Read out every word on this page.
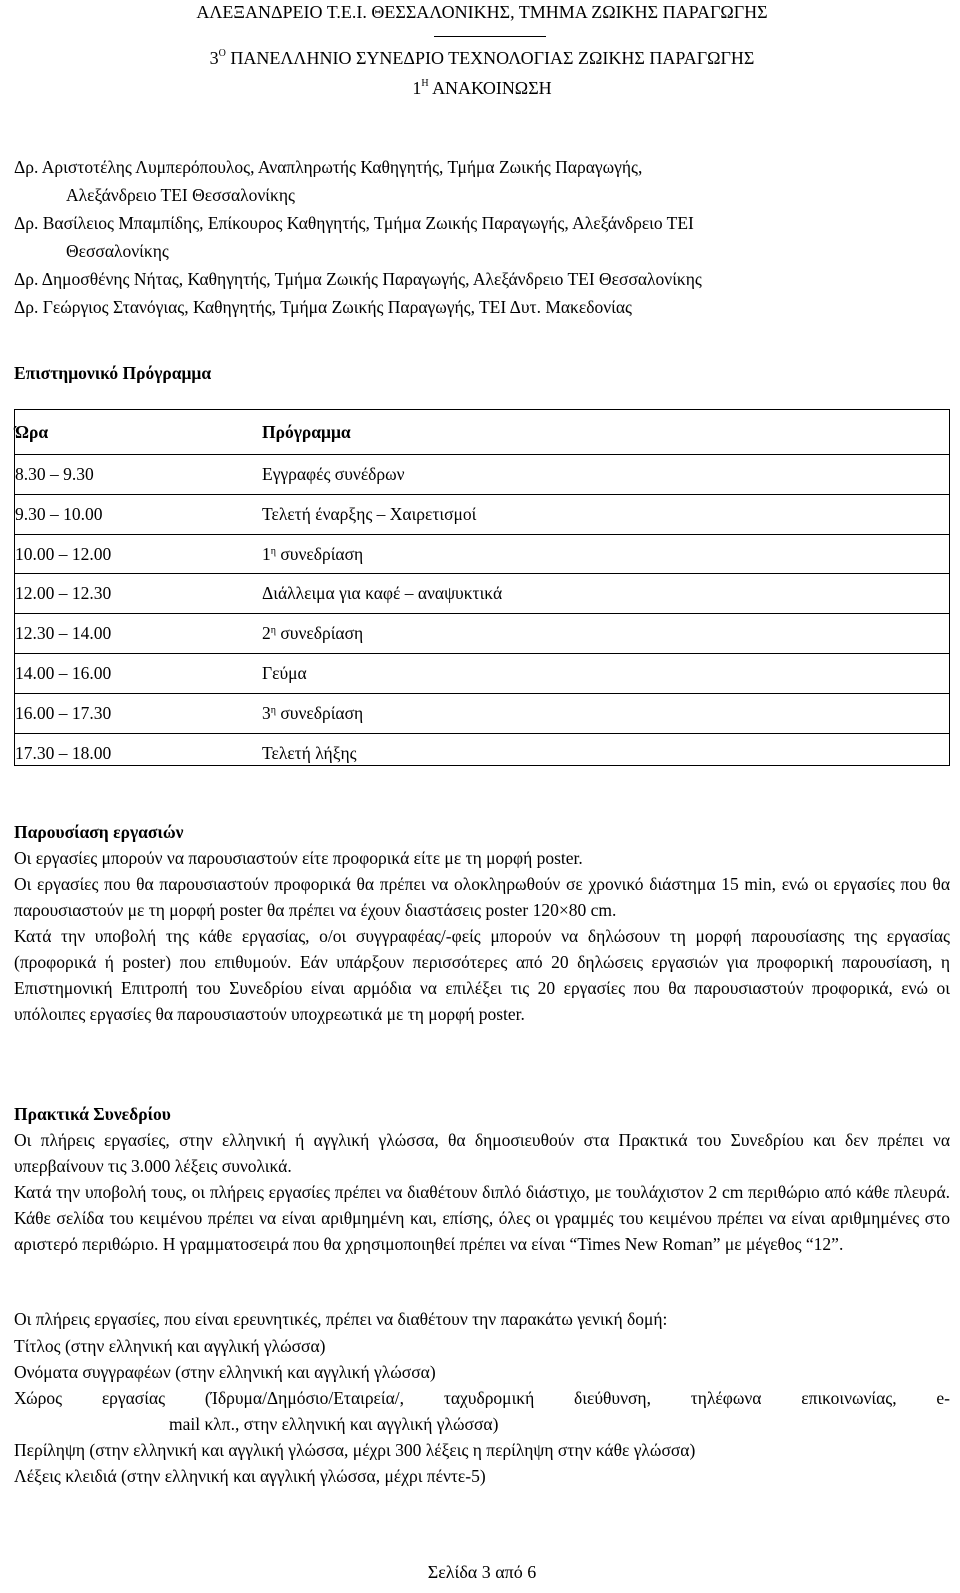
ΑΛΕΞΑΝΔΡΕΙΟ Τ.Ε.Ι. ΘΕΣΣΑΛΟΝΙΚΗΣ, ΤΜΗΜΑ ΖΩΙΚΗΣ ΠΑΡΑΓΩΓΗΣ
$3^O$ ΠΑΝΕΛΛΗΝΙΟ ΣΥΝΕΔΡΙΟ ΤΕΧΝΟΛΟΓΙΑΣ ΖΩΙΚΗΣ ΠΑΡΑΓΩΓΗΣ
$1^H$ ΑΝΑΚΟΙΝΩΣΗ
Δρ. Αριστοτέλης Λυμπερόπουλος, Αναπληρωτής Καθηγητής, Τμήμα Ζωικής Παραγωγής,
Αλεξάνδρειο ΤΕΙ Θεσσαλονίκης
Δρ. Βασίλειος Μπαμπίδης, Επίκουρος Καθηγητής, Τμήμα Ζωικής Παραγωγής, Αλεξάνδρειο ΤΕΙ
Θεσσαλονίκης
Δρ. Δημοσθένης Νήτας, Καθηγητής, Τμήμα Ζωικής Παραγωγής, Αλεξάνδρειο ΤΕΙ Θεσσαλονίκης
Δρ. Γεώργιος Στανόγιας, Καθηγητής, Τμήμα Ζωικής Παραγωγής, ΤΕΙ Δυτ. Μακεδονίας
Επιστημονικό Πρόγραμμα
Ώρα	Πρόγραμμα
8.30 – 9.30	Εγγραφές συνέδρων
9.30 – 10.00	Τελετή έναρξης – Χαιρετισμοί
10.00 – 12.00	$1^\eta$ συνεδρίαση
12.00 – 12.30	Διάλλειμα για καφέ – αναψυκτικά
12.30 – 14.00	$2^\eta$ συνεδρίαση
14.00 – 16.00	Γεύμα
16.00 – 17.30	$3^\eta$ συνεδρίαση
17.30 – 18.00	Τελετή λήξης
Παρουσίαση εργασιών
Οι εργασίες μπορούν να παρουσιαστούν είτε προφορικά είτε με τη μορφή poster.
Οι εργασίες που θα παρουσιαστούν προφορικά θα πρέπει να ολοκληρωθούν σε χρονικό διάστημα 15 min, ενώ οι εργασίες που θα παρουσιαστούν με τη μορφή poster θα πρέπει να έχουν διαστάσεις poster 120×80 cm.
Κατά την υποβολή της κάθε εργασίας, ο/οι συγγραφέας/-φείς μπορούν να δηλώσουν τη μορφή παρουσίασης της εργασίας (προφορικά ή poster) που επιθυμούν. Εάν υπάρξουν περισσότερες από 20 δηλώσεις εργασιών για προφορική παρουσίαση, η Επιστημονική Επιτροπή του Συνεδρίου είναι αρμόδια να επιλέξει τις 20 εργασίες που θα παρουσιαστούν προφορικά, ενώ οι υπόλοιπες εργασίες θα παρουσιαστούν υποχρεωτικά με τη μορφή poster.
Πρακτικά Συνεδρίου
Οι πλήρεις εργασίες, στην ελληνική ή αγγλική γλώσσα, θα δημοσιευθούν στα Πρακτικά του Συνεδρίου και δεν πρέπει να υπερβαίνουν τις 3.000 λέξεις συνολικά.
Κατά την υποβολή τους, οι πλήρεις εργασίες πρέπει να διαθέτουν διπλό διάστιχο, με τουλάχιστον 2 cm περιθώριο από κάθε πλευρά. Κάθε σελίδα του κειμένου πρέπει να είναι αριθμημένη και, επίσης, όλες οι γραμμές του κειμένου πρέπει να είναι αριθμημένες στο αριστερό περιθώριο. Η γραμματοσειρά που θα χρησιμοποιηθεί πρέπει να είναι “Times New Roman” με μέγεθος “12”.
Οι πλήρεις εργασίες, που είναι ερευνητικές, πρέπει να διαθέτουν την παρακάτω γενική δομή:
Τίτλος (στην ελληνική και αγγλική γλώσσα)
Ονόματα συγγραφέων (στην ελληνική και αγγλική γλώσσα)
Χώρος εργασίας (Ίδρυμα/Δημόσιο/Εταιρεία/, ταχυδρομική διεύθυνση, τηλέφωνα επικοινωνίας, e-
mail κλπ., στην ελληνική και αγγλική γλώσσα)
Περίληψη (στην ελληνική και αγγλική γλώσσα, μέχρι 300 λέξεις η περίληψη στην κάθε γλώσσα)
Λέξεις κλειδιά (στην ελληνική και αγγλική γλώσσα, μέχρι πέντε-5)
Σελίδα 3 από 6
